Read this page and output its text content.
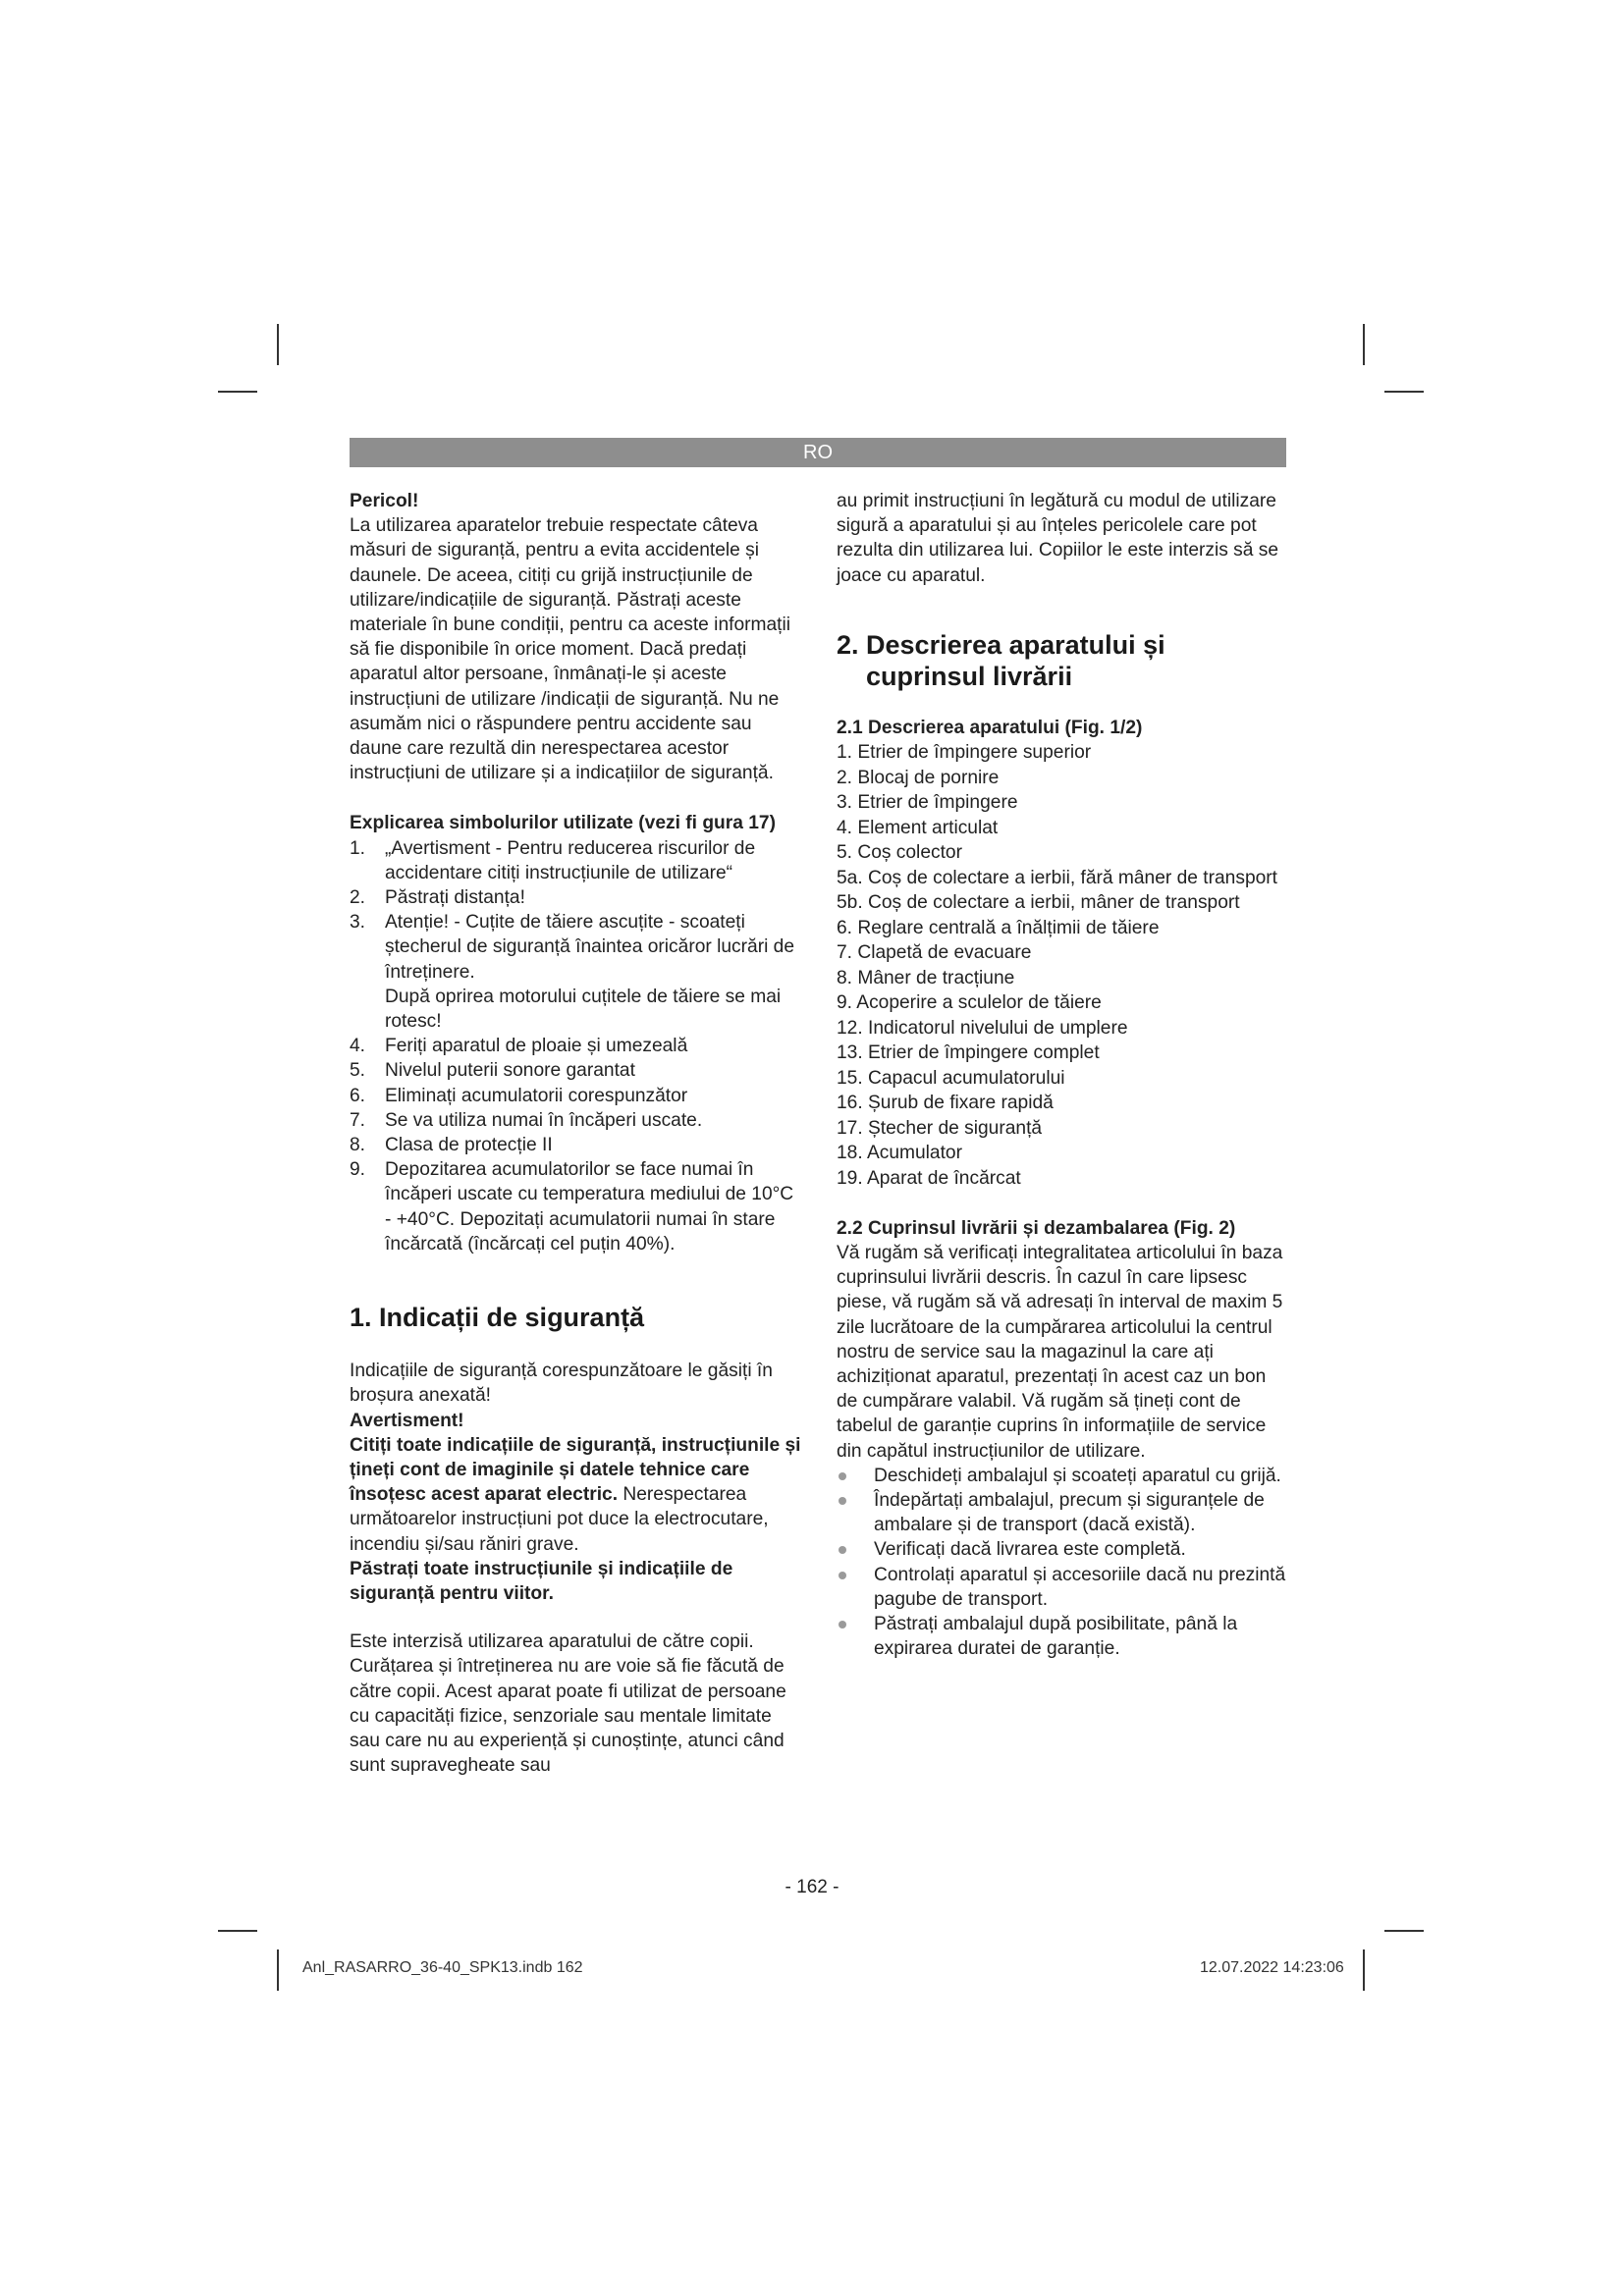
RO

Pericol!

La utilizarea aparatelor trebuie respectate câteva măsuri de siguranță, pentru a evita accidentele și daunele. De aceea, citiți cu grijă instrucțiunile de utilizare/indicațiile de siguranță. Păstrați aceste materiale în bune condiții, pentru ca aceste informații să fie disponibile în orice moment. Dacă predați aparatul altor persoane, înmânați-le și aceste instrucțiuni de utilizare /indicații de siguranță. Nu ne asumăm nici o răspundere pentru accidente sau daune care rezultă din nerespectarea acestor instrucțiuni de utilizare și a indicațiilor de siguranță.

Explicarea simbolurilor utilizate (vezi fi gura 17)

1. „Avertisment - Pentru reducerea riscurilor de accidentare citiți instrucțiunile de utilizare“
2. Păstrați distanța!
3. Atenție! - Cuțite de tăiere ascuțite - scoateți ștecherul de siguranță înaintea oricăror lucrări de întreținere.
După oprirea motorului cuțitele de tăiere se mai rotesc!
4. Feriți aparatul de ploaie și umezeală
5. Nivelul puterii sonore garantat
6. Eliminați acumulatorii corespunzător
7. Se va utiliza numai în încăperi uscate.
8. Clasa de protecție II
9. Depozitarea acumulatorilor se face numai în încăperi uscate cu temperatura mediului de 10°C - +40°C. Depozitați acumulatorii numai în stare încărcată (încărcați cel puțin 40%).

1. Indicații de siguranță

Indicațiile de siguranță corespunzătoare le găsiți în broșura anexată!

Avertisment!

Citiți toate indicațiile de siguranță, instrucțiunile și țineți cont de imaginile și datele tehnice care însoțesc acest aparat electric. Nerespectarea următoarelor instrucțiuni pot duce la electrocutare, incendiu și/sau răniri grave.

Păstrați toate instrucțiunile și indicațiile de siguranță pentru viitor.

Este interzisă utilizarea aparatului de către copii. Curățarea și întreținerea nu are voie să fie făcută de către copii. Acest aparat poate fi utilizat de persoane cu capacități fizice, senzoriale sau mentale limitate sau care nu au experiență și cunoștințe, atunci când sunt supravegheate sau

au primit instrucțiuni în legătură cu modul de utilizare sigură a aparatului și au înțeles pericolele care pot rezulta din utilizarea lui. Copiilor le este interzis să se joace cu aparatul.

2. Descrierea aparatului și cuprinsul livrării

2.1 Descrierea aparatului (Fig. 1/2)

1. Etrier de împingere superior
2. Blocaj de pornire
3. Etrier de împingere
4. Element articulat
5. Coș colector
5a. Coș de colectare a ierbii, fără mâner de transport
5b. Coș de colectare a ierbii, mâner de transport
6. Reglare centrală a înălțimii de tăiere
7. Clapetă de evacuare
8. Mâner de tracțiune
9. Acoperire a sculelor de tăiere
12. Indicatorul nivelului de umplere
13. Etrier de împingere complet
15. Capacul acumulatorului
16. Șurub de fixare rapidă
17. Ștecher de siguranță
18. Acumulator
19. Aparat de încărcat

2.2 Cuprinsul livrării și dezambalarea (Fig. 2)

Vă rugăm să verificați integralitatea articolului în baza cuprinsului livrării descris. În cazul în care lipsesc piese, vă rugăm să vă adresați în interval de maxim 5 zile lucrătoare de la cumpărarea articolului la centrul nostru de service sau la magazinul la care ați achiziționat aparatul, prezentați în acest caz un bon de cumpărare valabil. Vă rugăm să țineți cont de tabelul de garanție cuprins în informațiile de service din capătul instrucțiunilor de utilizare.

Deschideți ambalajul și scoateți aparatul cu grijă.
Îndepărtați ambalajul, precum și siguranțele de ambalare și de transport (dacă există).
Verificați dacă livrarea este completă.
Controlați aparatul și accesoriile dacă nu prezintă pagube de transport.
Păstrați ambalajul după posibilitate, până la expirarea duratei de garanție.
- 162 -
Anl_RASARRO_36-40_SPK13.indb 162	12.07.2022 14:23:06
